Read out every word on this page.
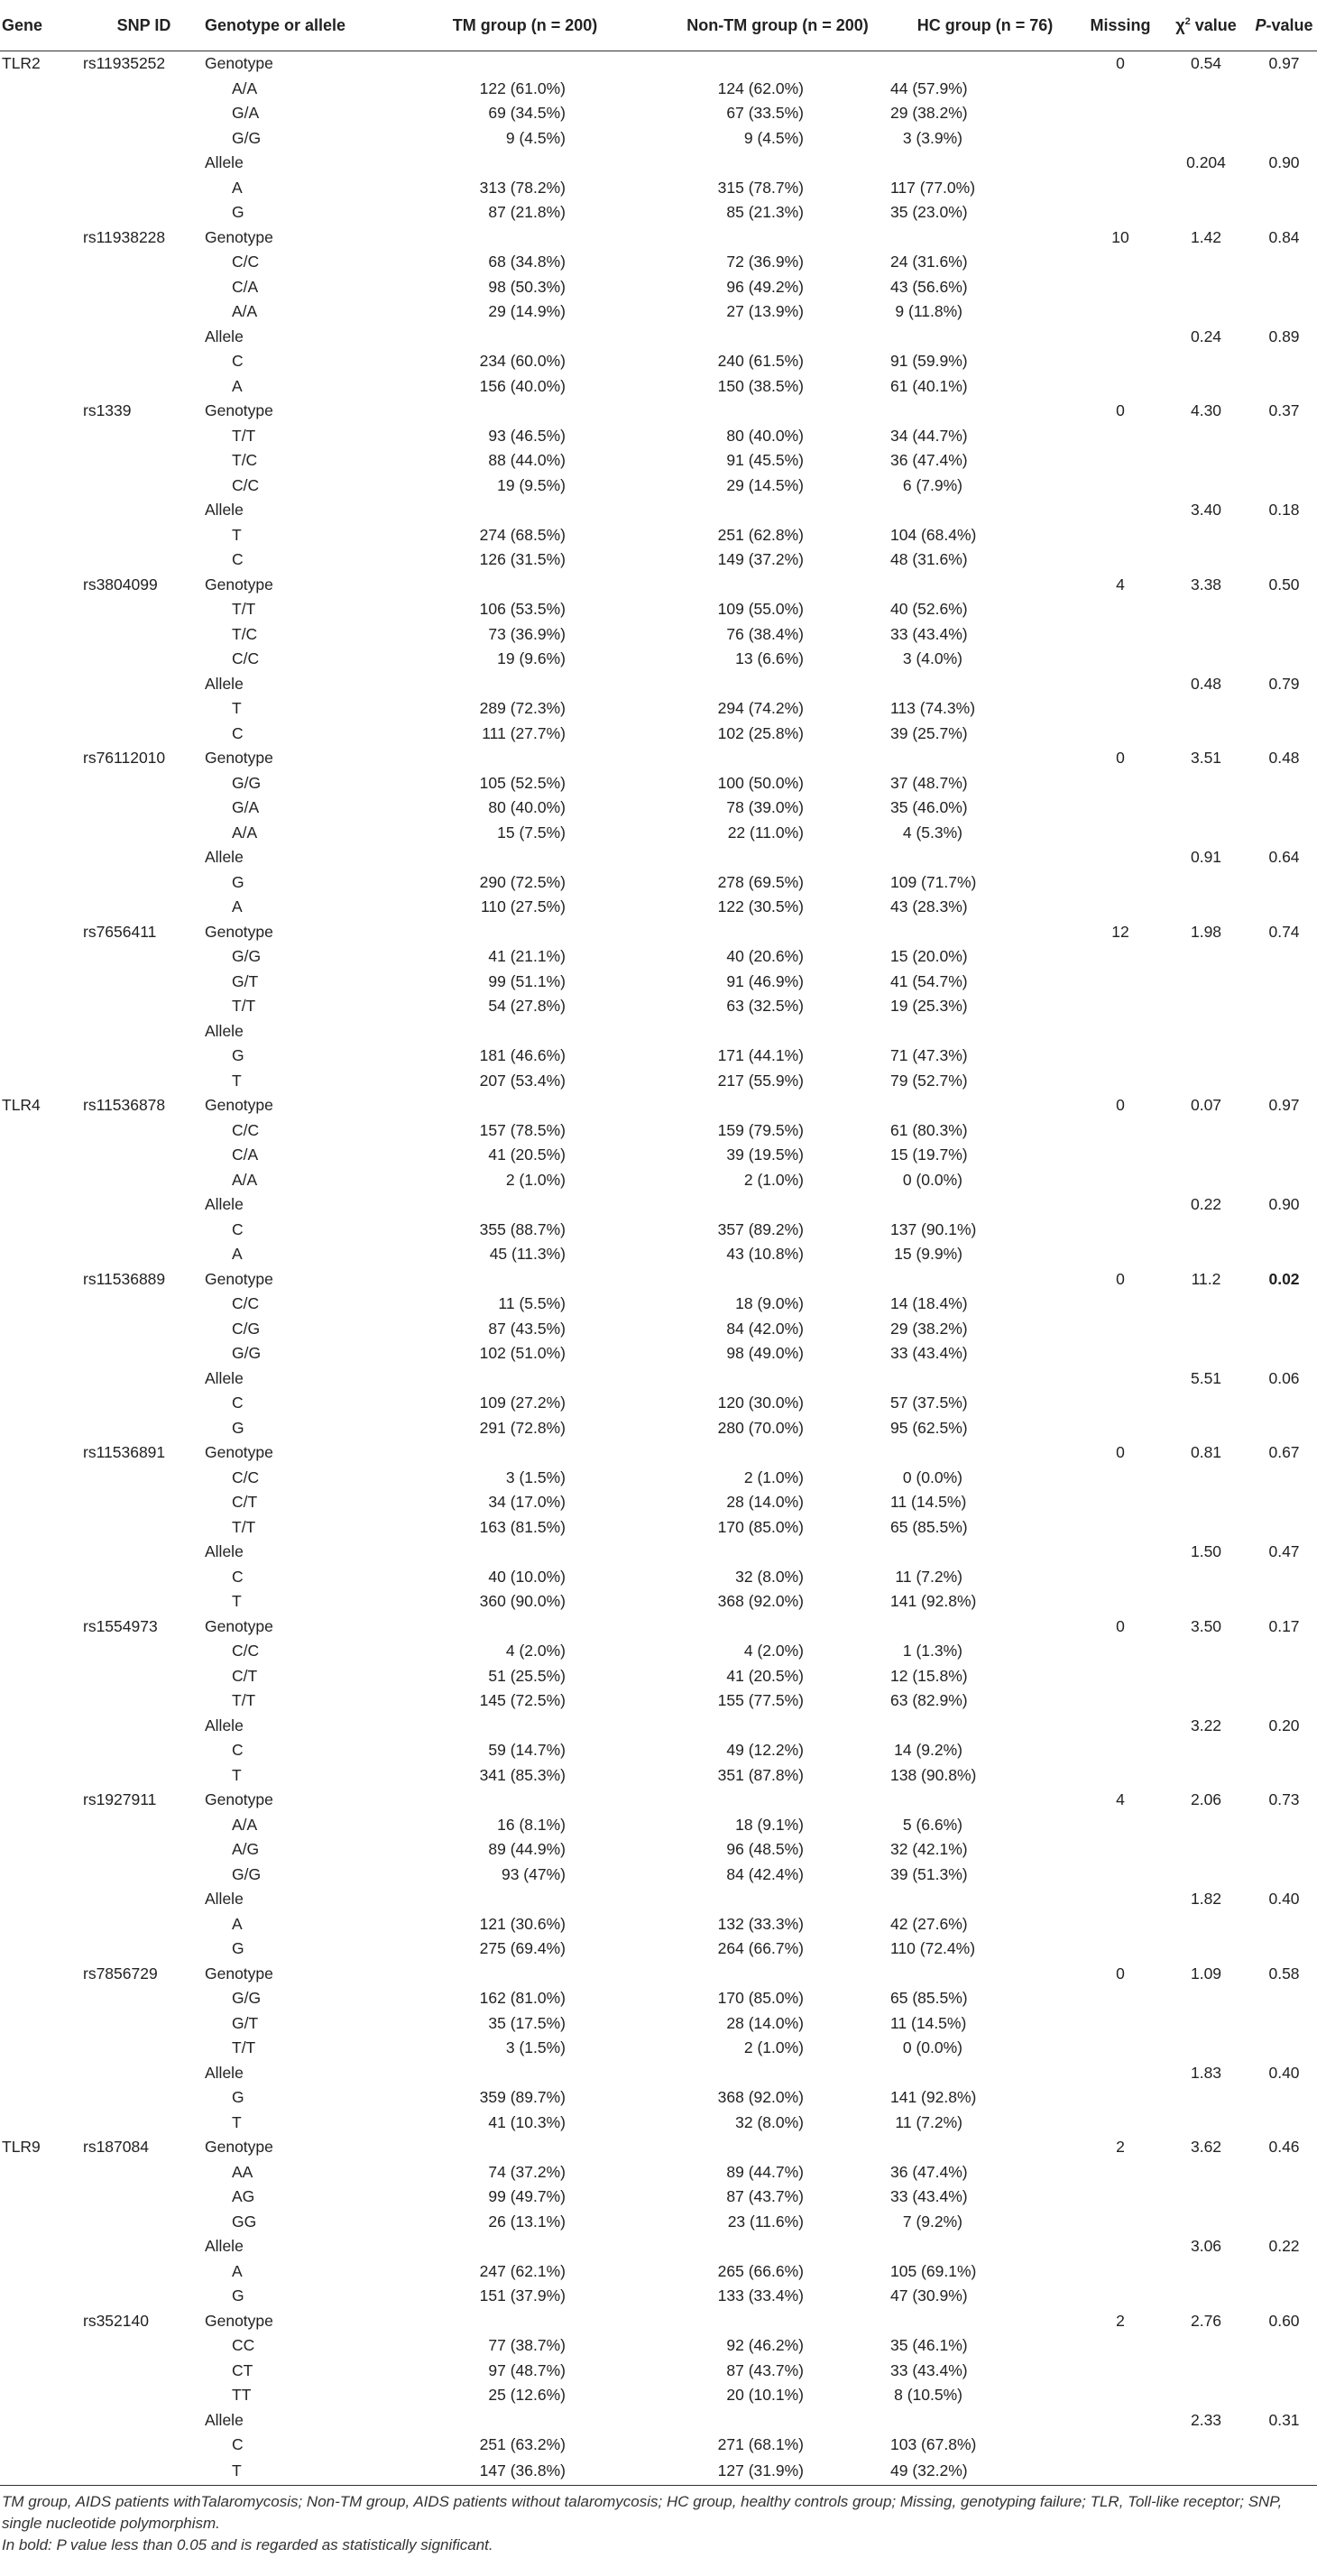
Gene	SNP ID	Genotype or allele	TM group (n = 200)	Non-TM group (n = 200)	HC group (n = 76)	Missing	$\chi^2$ value	P-value
TLR2	rs11935252	Genotype				0	0.54	0.97
		A/A	122 (61.0%)	124 (62.0%)	44 (57.9%)			
		G/A	69 (34.5%)	67 (33.5%)	29 (38.2%)			
		G/G	9 (4.5%)	9 (4.5%)	3 (3.9%)			
		Allele					0.204	0.90
		A	313 (78.2%)	315 (78.7%)	117 (77.0%)			
		G	87 (21.8%)	85 (21.3%)	35 (23.0%)			
	rs11938228	Genotype				10	1.42	0.84
		C/C	68 (34.8%)	72 (36.9%)	24 (31.6%)			
		C/A	98 (50.3%)	96 (49.2%)	43 (56.6%)			
		A/A	29 (14.9%)	27 (13.9%)	9 (11.8%)			
		Allele					0.24	0.89
		C	234 (60.0%)	240 (61.5%)	91 (59.9%)			
		A	156 (40.0%)	150 (38.5%)	61 (40.1%)			
	rs1339	Genotype				0	4.30	0.37
		T/T	93 (46.5%)	80 (40.0%)	34 (44.7%)			
		T/C	88 (44.0%)	91 (45.5%)	36 (47.4%)			
		C/C	19 (9.5%)	29 (14.5%)	6 (7.9%)			
		Allele					3.40	0.18
		T	274 (68.5%)	251 (62.8%)	104 (68.4%)			
		C	126 (31.5%)	149 (37.2%)	48 (31.6%)			
	rs3804099	Genotype				4	3.38	0.50
		T/T	106 (53.5%)	109 (55.0%)	40 (52.6%)			
		T/C	73 (36.9%)	76 (38.4%)	33 (43.4%)			
		C/C	19 (9.6%)	13 (6.6%)	3 (4.0%)			
		Allele					0.48	0.79
		T	289 (72.3%)	294 (74.2%)	113 (74.3%)			
		C	111 (27.7%)	102 (25.8%)	39 (25.7%)			
	rs76112010	Genotype				0	3.51	0.48
		G/G	105 (52.5%)	100 (50.0%)	37 (48.7%)			
		G/A	80 (40.0%)	78 (39.0%)	35 (46.0%)			
		A/A	15 (7.5%)	22 (11.0%)	4 (5.3%)			
		Allele					0.91	0.64
		G	290 (72.5%)	278 (69.5%)	109 (71.7%)			
		A	110 (27.5%)	122 (30.5%)	43 (28.3%)			
	rs7656411	Genotype				12	1.98	0.74
		G/G	41 (21.1%)	40 (20.6%)	15 (20.0%)			
		G/T	99 (51.1%)	91 (46.9%)	41 (54.7%)			
		T/T	54 (27.8%)	63 (32.5%)	19 (25.3%)			
		Allele						
		G	181 (46.6%)	171 (44.1%)	71 (47.3%)			
		T	207 (53.4%)	217 (55.9%)	79 (52.7%)			
TLR4	rs11536878	Genotype				0	0.07	0.97
		C/C	157 (78.5%)	159 (79.5%)	61 (80.3%)			
		C/A	41 (20.5%)	39 (19.5%)	15 (19.7%)			
		A/A	2 (1.0%)	2 (1.0%)	0 (0.0%)			
		Allele					0.22	0.90
		C	355 (88.7%)	357 (89.2%)	137 (90.1%)			
		A	45 (11.3%)	43 (10.8%)	15 (9.9%)			
	rs11536889	Genotype				0	11.2	0.02
		C/C	11 (5.5%)	18 (9.0%)	14 (18.4%)			
		C/G	87 (43.5%)	84 (42.0%)	29 (38.2%)			
		G/G	102 (51.0%)	98 (49.0%)	33 (43.4%)			
		Allele					5.51	0.06
		C	109 (27.2%)	120 (30.0%)	57 (37.5%)			
		G	291 (72.8%)	280 (70.0%)	95 (62.5%)			
	rs11536891	Genotype				0	0.81	0.67
		C/C	3 (1.5%)	2 (1.0%)	0 (0.0%)			
		C/T	34 (17.0%)	28 (14.0%)	11 (14.5%)			
		T/T	163 (81.5%)	170 (85.0%)	65 (85.5%)			
		Allele					1.50	0.47
		C	40 (10.0%)	32 (8.0%)	11 (7.2%)			
		T	360 (90.0%)	368 (92.0%)	141 (92.8%)			
	rs1554973	Genotype				0	3.50	0.17
		C/C	4 (2.0%)	4 (2.0%)	1 (1.3%)			
		C/T	51 (25.5%)	41 (20.5%)	12 (15.8%)			
		T/T	145 (72.5%)	155 (77.5%)	63 (82.9%)			
		Allele					3.22	0.20
		C	59 (14.7%)	49 (12.2%)	14 (9.2%)			
		T	341 (85.3%)	351 (87.8%)	138 (90.8%)			
	rs1927911	Genotype				4	2.06	0.73
		A/A	16 (8.1%)	18 (9.1%)	5 (6.6%)			
		A/G	89 (44.9%)	96 (48.5%)	32 (42.1%)			
		G/G	93 (47%)	84 (42.4%)	39 (51.3%)			
		Allele					1.82	0.40
		A	121 (30.6%)	132 (33.3%)	42 (27.6%)			
		G	275 (69.4%)	264 (66.7%)	110 (72.4%)			
	rs7856729	Genotype				0	1.09	0.58
		G/G	162 (81.0%)	170 (85.0%)	65 (85.5%)			
		G/T	35 (17.5%)	28 (14.0%)	11 (14.5%)			
		T/T	3 (1.5%)	2 (1.0%)	0 (0.0%)			
		Allele					1.83	0.40
		G	359 (89.7%)	368 (92.0%)	141 (92.8%)			
		T	41 (10.3%)	32 (8.0%)	11 (7.2%)			
TLR9	rs187084	Genotype				2	3.62	0.46
		AA	74 (37.2%)	89 (44.7%)	36 (47.4%)			
		AG	99 (49.7%)	87 (43.7%)	33 (43.4%)			
		GG	26 (13.1%)	23 (11.6%)	7 (9.2%)			
		Allele					3.06	0.22
		A	247 (62.1%)	265 (66.6%)	105 (69.1%)			
		G	151 (37.9%)	133 (33.4%)	47 (30.9%)			
	rs352140	Genotype				2	2.76	0.60
		CC	77 (38.7%)	92 (46.2%)	35 (46.1%)			
		CT	97 (48.7%)	87 (43.7%)	33 (43.4%)			
		TT	25 (12.6%)	20 (10.1%)	8 (10.5%)			
		Allele					2.33	0.31
		C	251 (63.2%)	271 (68.1%)	103 (67.8%)			
		T	147 (36.8%)	127 (31.9%)	49 (32.2%)			

TM group, AIDS patients withTalaromycosis; Non-TM group, AIDS patients without talaromycosis; HC group, healthy controls group; Missing, genotyping failure; TLR, Toll-like receptor; SNP, single nucleotide polymorphism.

In bold: P value less than 0.05 and is regarded as statistically significant.
